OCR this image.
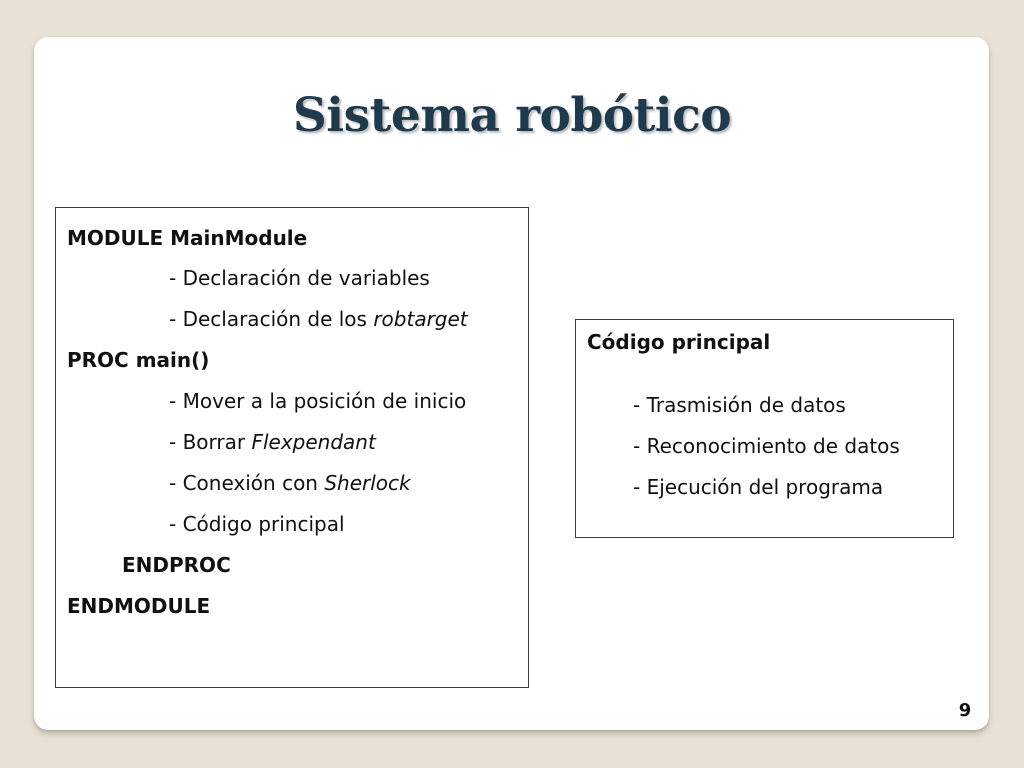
Sistema robótico
MODULE MainModule
- Declaración de variables
- Declaración de los robtarget
PROC main()
- Mover a la posición de inicio
- Borrar Flexpendant
- Conexión con Sherlock
- Código principal
ENDPROC
ENDMODULE
Código principal
- Trasmisión de datos
- Reconocimiento de datos
- Ejecución del programa
9
